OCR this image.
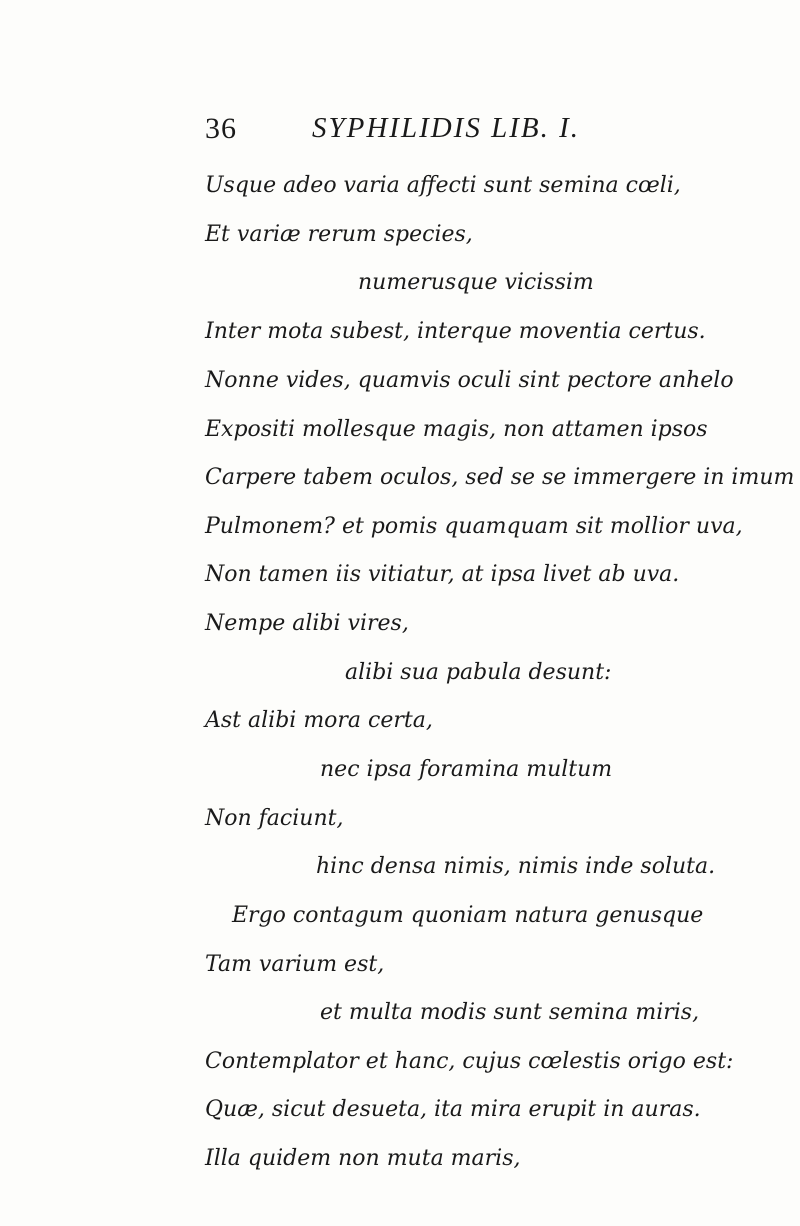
36	SYPHILIDIS LIB. I.
Usque adeo varia affecti sunt semina cœli,
Et variæ rerum species,
numerusque vicissim
Inter mota subest, interque moventia certus.
Nonne vides, quamvis oculi sint pectore anhelo
Expositi mollesque magis, non attamen ipsos
Carpere tabem oculos, sed se se immergere in imum
Pulmonem? et pomis quamquam sit mollior uva,
Non tamen iis vitiatur, at ipsa livet ab uva.
Nempe alibi vires,
alibi sua pabula desunt:
Ast alibi mora certa,
nec ipsa foramina multum
Non faciunt,
hinc densa nimis, nimis inde soluta.
Ergo contagum quoniam natura genusque
Tam varium est,
et multa modis sunt semina miris,
Contemplator et hanc, cujus cœlestis origo est:
Quæ, sicut desueta, ita mira erupit in auras.
Illa quidem non muta maris,
